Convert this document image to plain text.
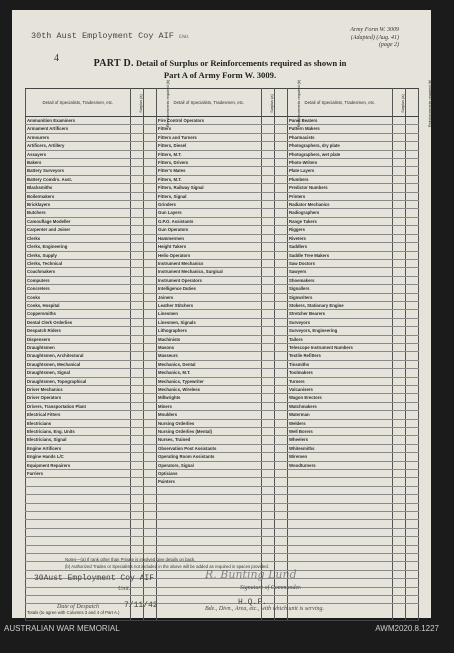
30th Aust Employment Coy AIF Unit.
Army Form W. 3009
(Adapted) (Aug. 41)
(page 2)
4	PART D. Detail of Surplus or Reinforcements required as shown in
Part A of Army Form W. 3009.
Detail of Specialists, Tradesmen, etc.	Surplus (a)	Reinforcements required (b)	Detail of Specialists, Tradesmen, etc.	Surplus (a)	Reinforcements required (b)	Detail of Specialists, Tradesmen, etc.	Surplus (a)	Reinforcements required (b)
Ammunition Examiners			Fire Control Operators			Panel Beaters		
Armament Artificers			Fitters			Pattern Makers		
Armourers			Fitters and Turners			Pharmacists		
Artificers, Artillery			Fitters, Diesel			Photographers, dry plate		
Assayers			Fitters, M.T.			Photographers, wet plate		
Bakers			Fitters, Drivers			Photo-Writers		
Battery Surveyors			Fitter's Mates			Plate Layers		
Battery Comdrs. Asst.			Fitters, M.T.			Plumbers		
Blacksmiths			Fitters, Railway Signal			Predictor Numbers		
Boilermakers			Fitters, Signal			Printers		
Bricklayers			Grinders			Radiator Mechanics		
Butchers			Gun Layers			Radiographers		
Camouflage Modeller			G.P.O. Assistants			Range Takers		
Carpenter and Joiner			Gun Operators			Riggers		
Clerks			Hammermen			Riveters		
Clerks, Engineering			Height Takers			Saddlers		
Clerks, Supply			Helio Operators			Saddle Tree Makers		
Clerks, Technical			Instrument Mechanics			Saw Doctors		
Coachmakers			Instrument Mechanics, Surgical			Sawyers		
Computers			Instrument Operators			Shoemakers		
Concreters			Intelligence Duties			Signallers		
Cooks			Joiners			Signwriters		
Cooks, Hospital			Leather Stitchers			Stokers, Stationary Engine		
Coppersmiths			Linesmen			Stretcher Bearers		
Dental Clerk Orderlies			Linesmen, Signals			Surveyors		
Despatch Riders			Lithographers			Surveyors, Engineering		
Dispensers			Machinists			Tailors		
Draughtsmen			Masons			Telescope Instrument Numbers		
Draughtsmen, Architectural			Masseurs			Textile Refitters		
Draughtsmen, Mechanical			Mechanics, Dental			Tinsmiths		
Draughtsmen, Signal			Mechanics, M.T.			Toolmakers		
Draughtsmen, Topographical			Mechanics, Typewriter			Turners		
Driver Mechanics			Mechanics, Wireless			Vulcanisers		
Driver Operators			Millwrights			Wagon Erectors		
Drivers, Transportation Plant			Miners			Watchmakers		
Electrical Fitters			Moulders			Waterman		
Electricians			Nursing Orderlies			Welders		
Electricians, Eng. Units			Nursing Orderlies (Mental)			Well Borers		
Electricians, Signal			Nurses, Trained			Wheelers		
Engine Artificers			Observation Post Assistants			Whitesmiths		
Engine Hands L/C			Operating Room Assistants			Wiremen		
Equipment Repairers			Operators, Signal			Woodturners		
Farriers			Opticians					
			Painters					

Totals (to agree with Columns 3 and 4 of Part A.)								
Notes—(a) If rank other than Private is involved give details on back.
(b) Authorized Trades or Specialists not included in the above will be added as required in spaces provided.
30Aust Employment Coy AIF
Unit.
R. Bunting Lund
Signature of Commander.
Date of Despatch	7/11/42	H.Q.F.
Bde., Divn., Area, etc., with which unit is serving.
AUSTRALIAN WAR MEMORIAL	AWM2020.8.1227
